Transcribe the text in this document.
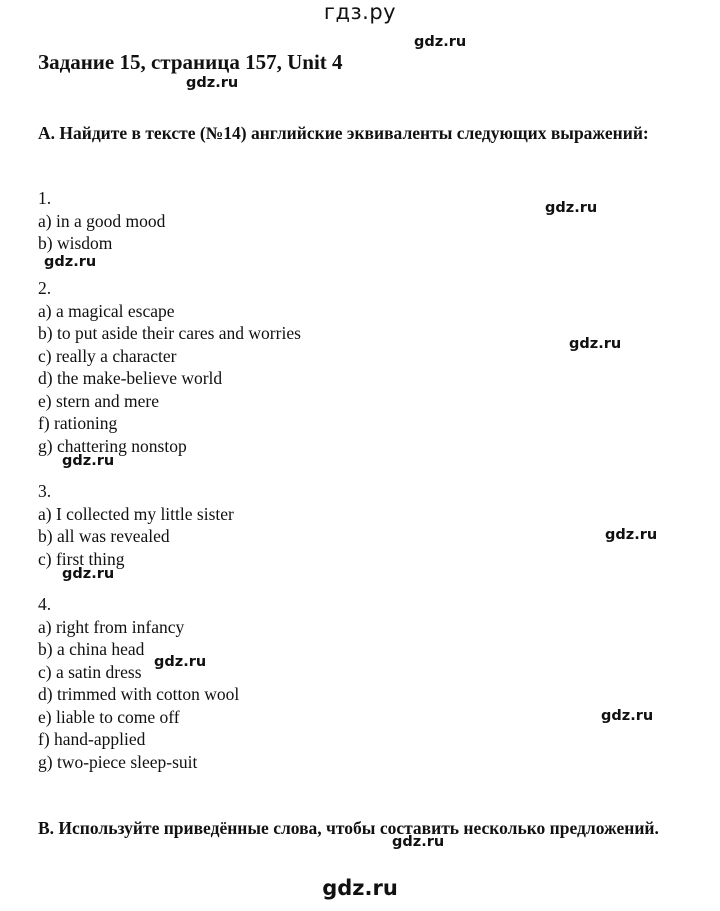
гдз.ру
Задание 15, страница 157, Unit 4

A. Найдите в тексте (№14) английские эквиваленты следующих выражений:

1.
a) in a good mood
b) wisdom
2.
a) a magical escape
b) to put aside their cares and worries
c) really a character
d) the make-believe world
e) stern and mere
f) rationing
g) chattering nonstop
3.
a) I collected my little sister
b) all was revealed
c) first thing
4.
a) right from infancy
b) a china head
c) a satin dress
d) trimmed with cotton wool
e) liable to come off
f) hand-applied
g) two-piece sleep-suit

B. Используйте приведённые слова, чтобы составить несколько предложений.

gdz.ru
gdz.ru
gdz.ru
gdz.ru
gdz.ru
gdz.ru
gdz.ru
gdz.ru
gdz.ru
gdz.ru
gdz.ru
gdz.ru
